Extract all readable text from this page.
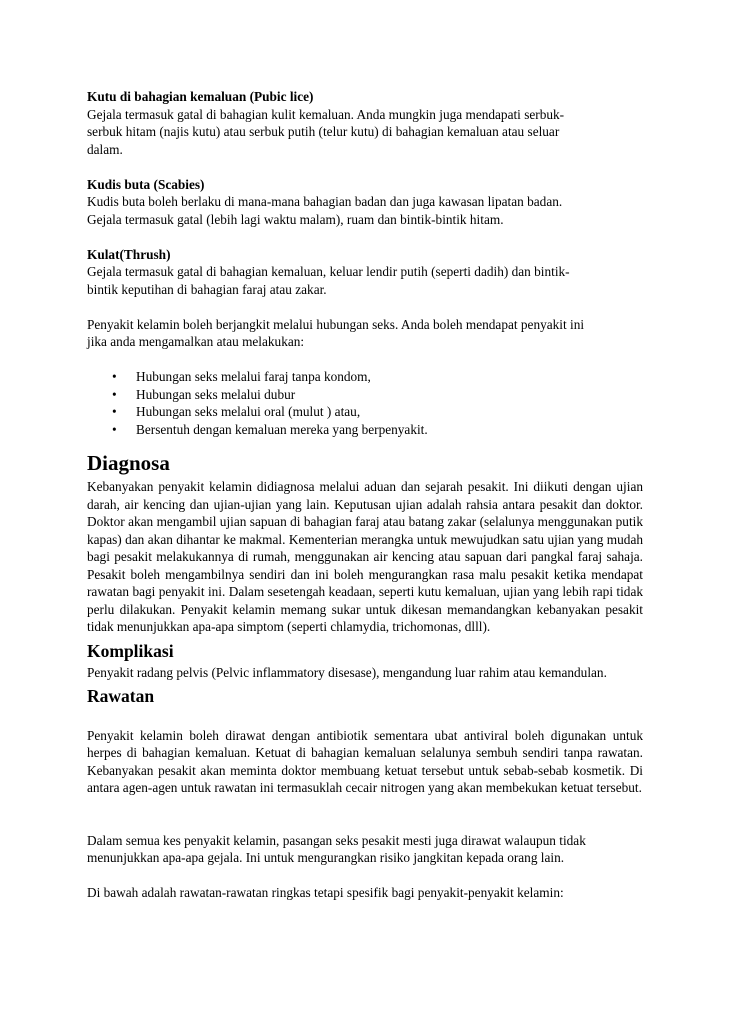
Kutu di bahagian kemaluan (Pubic lice)
Gejala termasuk gatal di bahagian kulit kemaluan. Anda mungkin juga mendapati serbuk-
serbuk hitam (najis kutu) atau serbuk putih (telur kutu) di bahagian kemaluan atau seluar
dalam.

Kudis buta (Scabies)
Kudis buta boleh berlaku di mana-mana bahagian badan dan juga kawasan lipatan badan.
Gejala termasuk gatal (lebih lagi waktu malam), ruam dan bintik-bintik hitam.

Kulat(Thrush)
Gejala termasuk gatal di bahagian kemaluan, keluar lendir putih (seperti dadih) dan bintik-
bintik keputihan di bahagian faraj atau zakar.

Penyakit kelamin boleh berjangkit melalui hubungan seks. Anda boleh mendapat penyakit ini
jika anda mengamalkan atau melakukan:

• Hubungan seks melalui faraj tanpa kondom,
• Hubungan seks melalui dubur
• Hubungan seks melalui oral (mulut ) atau,
• Bersentuh dengan kemaluan mereka yang berpenyakit.
Diagnosa

Kebanyakan penyakit kelamin didiagnosa melalui aduan dan sejarah pesakit. Ini diikuti dengan ujian darah, air kencing dan ujian-ujian yang lain. Keputusan ujian adalah rahsia antara pesakit dan doktor. Doktor akan mengambil ujian sapuan di bahagian faraj atau batang zakar (selalunya menggunakan putik kapas) dan akan dihantar ke makmal. Kementerian merangka untuk mewujudkan satu ujian yang mudah bagi pesakit melakukannya di rumah, menggunakan air kencing atau sapuan dari pangkal faraj sahaja. Pesakit boleh mengambilnya sendiri dan ini boleh mengurangkan rasa malu pesakit ketika mendapat rawatan bagi penyakit ini. Dalam sesetengah keadaan, seperti kutu kemaluan, ujian yang lebih rapi tidak perlu dilakukan. Penyakit kelamin memang sukar untuk dikesan memandangkan kebanyakan pesakit tidak menunjukkan apa-apa simptom (seperti chlamydia, trichomonas, dlll).

Komplikasi

Penyakit radang pelvis (Pelvic inflammatory disesase), mengandung luar rahim atau kemandulan.

Rawatan

Penyakit kelamin boleh dirawat dengan antibiotik sementara ubat antiviral boleh digunakan untuk herpes di bahagian kemaluan. Ketuat di bahagian kemaluan selalunya sembuh sendiri tanpa rawatan. Kebanyakan pesakit akan meminta doktor membuang ketuat tersebut untuk sebab-sebab kosmetik. Di antara agen-agen untuk rawatan ini termasuklah cecair nitrogen yang akan membekukan ketuat tersebut.

Dalam semua kes penyakit kelamin, pasangan seks pesakit mesti juga dirawat walaupun tidak
menunjukkan apa-apa gejala. Ini untuk mengurangkan risiko jangkitan kepada orang lain.

Di bawah adalah rawatan-rawatan ringkas tetapi spesifik bagi penyakit-penyakit kelamin:
